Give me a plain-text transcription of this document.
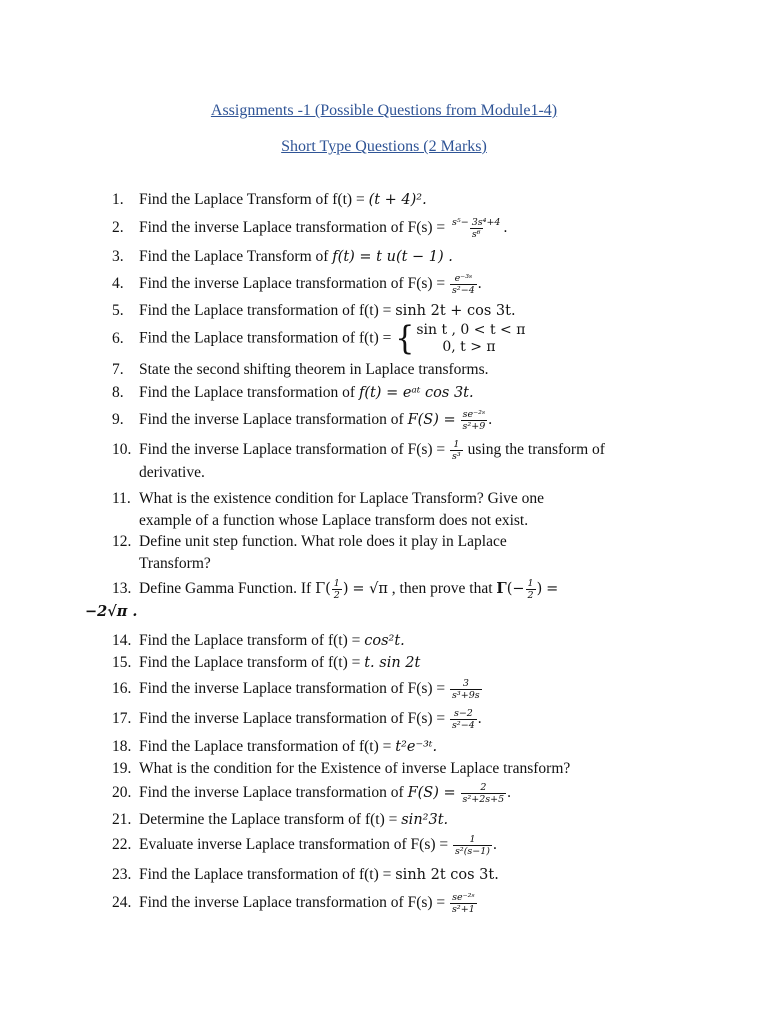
Assignments -1 (Possible Questions from Module1-4)
Short Type Questions (2 Marks)
1. Find the Laplace Transform of f(t) = (t + 4)².
2. Find the inverse Laplace transformation of $F(s) = \frac{\text{s⁵− 3s⁴+4}}{\text{s⁶}}$ .
3. Find the Laplace Transform of f(t) = t u(t − 1) .
4. Find the inverse Laplace transformation of $F(s) = \frac{\text{e⁻³ˢ}}{\text{s²−4}}$ .
5. Find the Laplace transformation of f(t) = sinh 2t + cos 3t.
6. Find the Laplace transformation of f(t) = { sin t , 0 < t < π
0, t > π
7. State the second shifting theorem in Laplace transforms.
8. Find the Laplace transformation of f(t) = eᵃᵗ cos 3t.
9. Find the inverse Laplace transformation of $F(S) = \frac{\text{se⁻²ˢ}}{\text{s²+9}}$ .
10. Find the inverse Laplace transformation of $F(s) = \frac{1}{\text{s³}}$ using the transform of
derivative.
11. What is the existence condition for Laplace Transform? Give one
example of a function whose Laplace transform does not exist.
12. Define unit step function. What role does it play in Laplace
Transform?
13. Define Gamma Function. If $\Gamma( \frac{1}{2}$ ) = √π , then prove that $\Gamma(- \frac{1}{2}$ ) =
−2√π .
14. Find the Laplace transform of f(t) = cos²t.
15. Find the Laplace transform of f(t) = t. sin 2t
16. Find the inverse Laplace transformation of $F(s) = \frac{3}{\text{s³+9s}}$
17. Find the inverse Laplace transformation of $F(s) = \frac{s-2}{\text{s²−4}}$ .
18. Find the Laplace transformation of f(t) = t²e⁻³ᵗ.
19. What is the condition for the Existence of inverse Laplace transform?
20. Find the inverse Laplace transformation of $F(S) = \frac{2}{\text{s²+2s+5}}$ .
21. Determine the Laplace transform of f(t) = sin²3t.
22. Evaluate inverse Laplace transformation of $F(s) = \frac{1}{\text{s²(s−1)}}$ .
23. Find the Laplace transformation of f(t) = sinh 2t cos 3t.
24. Find the inverse Laplace transformation of $F(s) = \frac{\text{se⁻²ˢ}}{\text{s²+1}}$
